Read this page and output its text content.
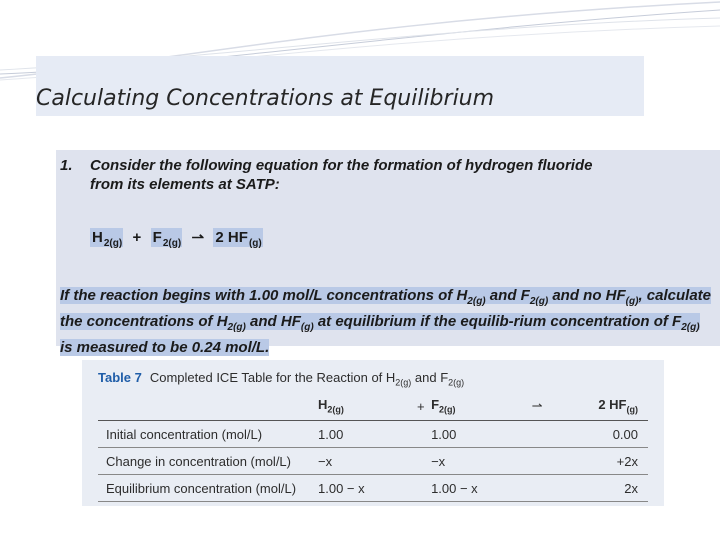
Calculating Concentrations at Equilibrium
1. Consider the following equation for the formation of hydrogen fluoride
from its elements at SATP:
$H_{2(g)} + F_{2(g)}$ ⇀ 2 $HF_{(g)}$
If the reaction begins with 1.00 mol/L concentrations of $H_{2(g)}$ and $F_{2(g)}$ and no $HF_{(g)}$, calculate the concentrations of $H_{2(g)}$ and $HF_{(g)}$ at equilibrium if the equilib-rium concentration of $F_{2(g)}$ is measured to be 0.24 mol/L.
Table 7 Completed ICE Table for the Reaction of $H_{2(g)}$ and $F_{2(g)}$
	$H_{2(g)}$	+	$F_{2(g)}$	⇀	2 $HF_{(g)}$
Initial concentration (mol/L)	1.00		1.00		0.00
Change in concentration (mol/L)	−x		−x		+2x
Equilibrium concentration (mol/L)	1.00 − x		1.00 − x		2x
